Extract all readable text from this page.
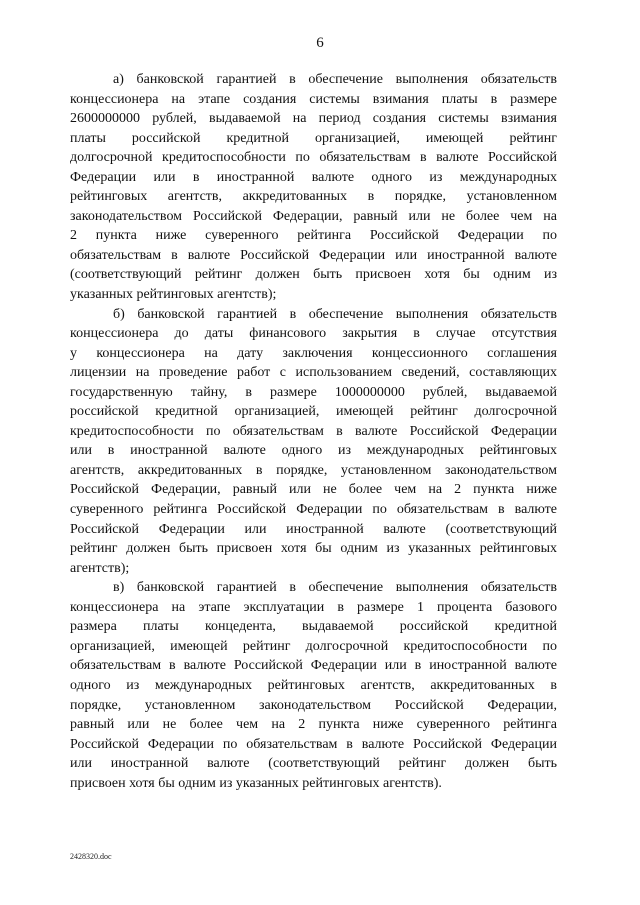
6
а) банковской гарантией в обеспечение выполнения обязательств
концессионера на этапе создания системы взимания платы в размере
2600000000 рублей, выдаваемой на период создания системы взимания
платы российской кредитной организацией, имеющей рейтинг
долгосрочной кредитоспособности по обязательствам в валюте Российской
Федерации или в иностранной валюте одного из международных
рейтинговых агентств, аккредитованных в порядке, установленном
законодательством Российской Федерации, равный или не более чем на
2 пункта ниже суверенного рейтинга Российской Федерации по
обязательствам в валюте Российской Федерации или иностранной валюте
(соответствующий рейтинг должен быть присвоен хотя бы одним из
указанных рейтинговых агентств);
б) банковской гарантией в обеспечение выполнения обязательств
концессионера до даты финансового закрытия в случае отсутствия
у концессионера на дату заключения концессионного соглашения
лицензии на проведение работ с использованием сведений, составляющих
государственную тайну, в размере 1000000000 рублей, выдаваемой
российской кредитной организацией, имеющей рейтинг долгосрочной
кредитоспособности по обязательствам в валюте Российской Федерации
или в иностранной валюте одного из международных рейтинговых
агентств, аккредитованных в порядке, установленном законодательством
Российской Федерации, равный или не более чем на 2 пункта ниже
суверенного рейтинга Российской Федерации по обязательствам в валюте
Российской Федерации или иностранной валюте (соответствующий
рейтинг должен быть присвоен хотя бы одним из указанных рейтинговых
агентств);
в) банковской гарантией в обеспечение выполнения обязательств
концессионера на этапе эксплуатации в размере 1 процента базового
размера платы концедента, выдаваемой российской кредитной
организацией, имеющей рейтинг долгосрочной кредитоспособности по
обязательствам в валюте Российской Федерации или в иностранной валюте
одного из международных рейтинговых агентств, аккредитованных в
порядке, установленном законодательством Российской Федерации,
равный или не более чем на 2 пункта ниже суверенного рейтинга
Российской Федерации по обязательствам в валюте Российской Федерации
или иностранной валюте (соответствующий рейтинг должен быть
присвоен хотя бы одним из указанных рейтинговых агентств).
2428320.doc
